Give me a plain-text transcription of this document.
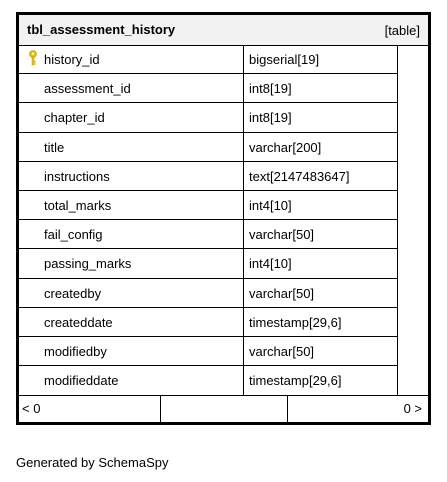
tbl_assessment_history	[table]
history_id	bigserial[19]
assessment_id	int8[19]
chapter_id	int8[19]
title	varchar[200]
instructions	text[2147483647]
total_marks	int4[10]
fail_config	varchar[50]
passing_marks	int4[10]
createdby	varchar[50]
createddate	timestamp[29,6]
modifiedby	varchar[50]
modifieddate	timestamp[29,6]
< 0	0 >
Generated by SchemaSpy
